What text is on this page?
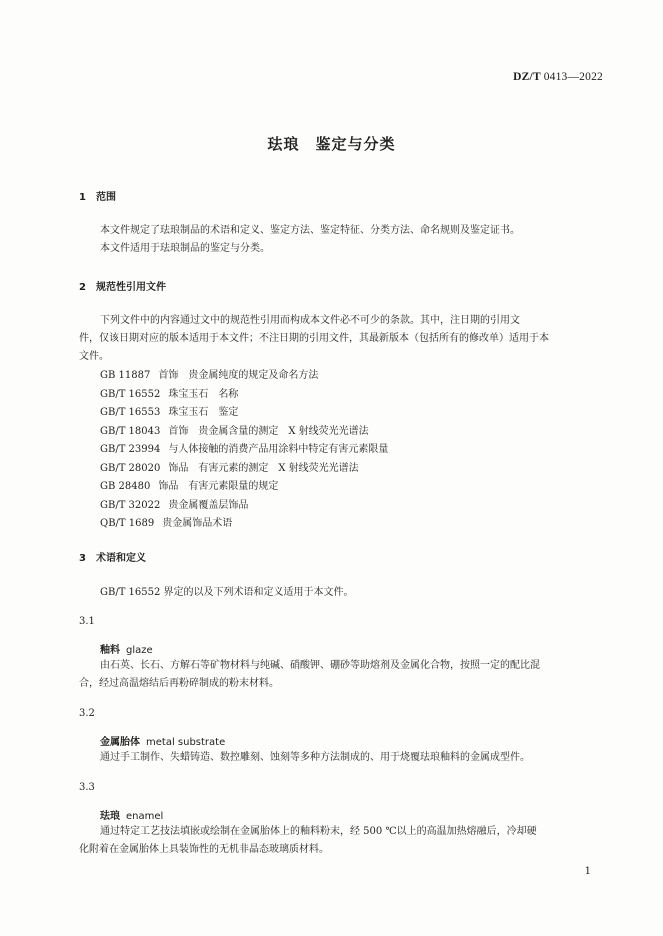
DZ/T 0413—2022
珐琅　鉴定与分类
1　范围
本文件规定了珐琅制品的术语和定义、鉴定方法、鉴定特征、分类方法、命名规则及鉴定证书。
本文件适用于珐琅制品的鉴定与分类。
2　规范性引用文件
下列文件中的内容通过文中的规范性引用而构成本文件必不可少的条款。其中，注日期的引用文
件，仅该日期对应的版本适用于本文件；不注日期的引用文件，其最新版本（包括所有的修改单）适用于本
文件。
GB 11887 首饰　贵金属纯度的规定及命名方法
GB/T 16552 珠宝玉石　名称
GB/T 16553 珠宝玉石　鉴定
GB/T 18043 首饰　贵金属含量的测定　X 射线荧光光谱法
GB/T 23994 与人体接触的消费产品用涂料中特定有害元素限量
GB/T 28020 饰品　有害元素的测定　X 射线荧光光谱法
GB 28480 饰品　有害元素限量的规定
GB/T 32022 贵金属覆盖层饰品
QB/T 1689 贵金属饰品术语
3　术语和定义
GB/T 16552 界定的以及下列术语和定义适用于本文件。
3.1
釉料 glaze
由石英、长石、方解石等矿物材料与纯碱、硝酸钾、硼砂等助熔剂及金属化合物，按照一定的配比混
合，经过高温熔结后再粉碎制成的粉末材料。
3.2
金属胎体 metal substrate
通过手工制作、失蜡铸造、数控雕刻、蚀刻等多种方法制成的、用于烧覆珐琅釉料的金属成型件。
3.3
珐琅 enamel
通过特定工艺技法填嵌或绘制在金属胎体上的釉料粉末，经 500 ℃以上的高温加热熔融后，冷却硬
化附着在金属胎体上具装饰性的无机非晶态玻璃质材料。
1
